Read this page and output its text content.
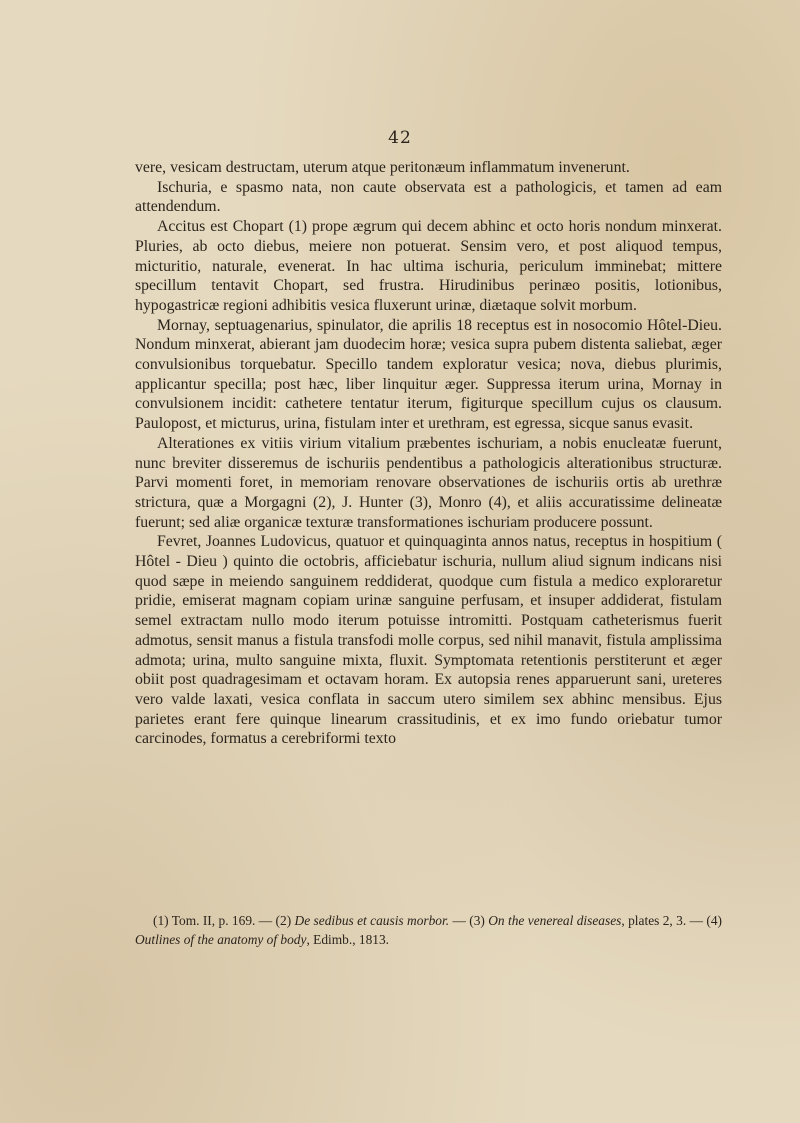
42

vere, vesicam destructam, uterum atque peritonæum inflammatum invenerunt.

Ischuria, e spasmo nata, non caute observata est a pathologicis, et tamen ad eam attendendum.

Accitus est Chopart (1) prope ægrum qui decem abhinc et octo horis nondum minxerat. Pluries, ab octo diebus, meiere non potuerat. Sensim vero, et post aliquod tempus, micturitio, naturale, evenerat. In hac ultima ischuria, periculum imminebat; mittere specillum tentavit Chopart, sed frustra. Hirudinibus perinæo positis, lotionibus, hypogastricæ regioni adhibitis vesica fluxerunt urinæ, diætaque solvit morbum.

Mornay, septuagenarius, spinulator, die aprilis 18 receptus est in nosocomio Hôtel-Dieu. Nondum minxerat, abierant jam duodecim horæ; vesica supra pubem distenta saliebat, æger convulsionibus torquebatur. Specillo tandem exploratur vesica; nova, diebus plurimis, applicantur specilla; post hæc, liber linquitur æger. Suppressa iterum urina, Mornay in convulsionem incidit: cathetere tentatur iterum, figiturque specillum cujus os clausum. Paulopost, et micturus, urina, fistulam inter et urethram, est egressa, sicque sanus evasit.

Alterationes ex vitiis virium vitalium præbentes ischuriam, a nobis enucleatæ fuerunt, nunc breviter disseremus de ischuriis pendentibus a pathologicis alterationibus structuræ. Parvi momenti foret, in memoriam renovare observationes de ischuriis ortis ab urethræ strictura, quæ a Morgagni (2), J. Hunter (3), Monro (4), et aliis accuratissime delineatæ fuerunt; sed aliæ organicæ texturæ transformationes ischuriam producere possunt.

Fevret, Joannes Ludovicus, quatuor et quinquaginta annos natus, receptus in hospitium ( Hôtel - Dieu ) quinto die octobris, afficiebatur ischuria, nullum aliud signum indicans nisi quod sæpe in meiendo sanguinem reddiderat, quodque cum fistula a medico exploraretur pridie, emiserat magnam copiam urinæ sanguine perfusam, et insuper addiderat, fistulam semel extractam nullo modo iterum potuisse intromitti. Postquam catheterismus fuerit admotus, sensit manus a fistula transfodi molle corpus, sed nihil manavit, fistula amplissima admota; urina, multo sanguine mixta, fluxit. Symptomata retentionis perstiterunt et æger obiit post quadragesimam et octavam horam. Ex autopsia renes apparuerunt sani, ureteres vero valde laxati, vesica conflata in saccum utero similem sex abhinc mensibus. Ejus parietes erant fere quinque linearum crassitudinis, et ex imo fundo oriebatur tumor carcinodes, formatus a cerebriformi texto

(1) Tom. II, p. 169. — (2) De sedibus et causis morbor. — (3) On the venereal diseases, plates 2, 3. — (4) Outlines of the anatomy of body, Edimb., 1813.
